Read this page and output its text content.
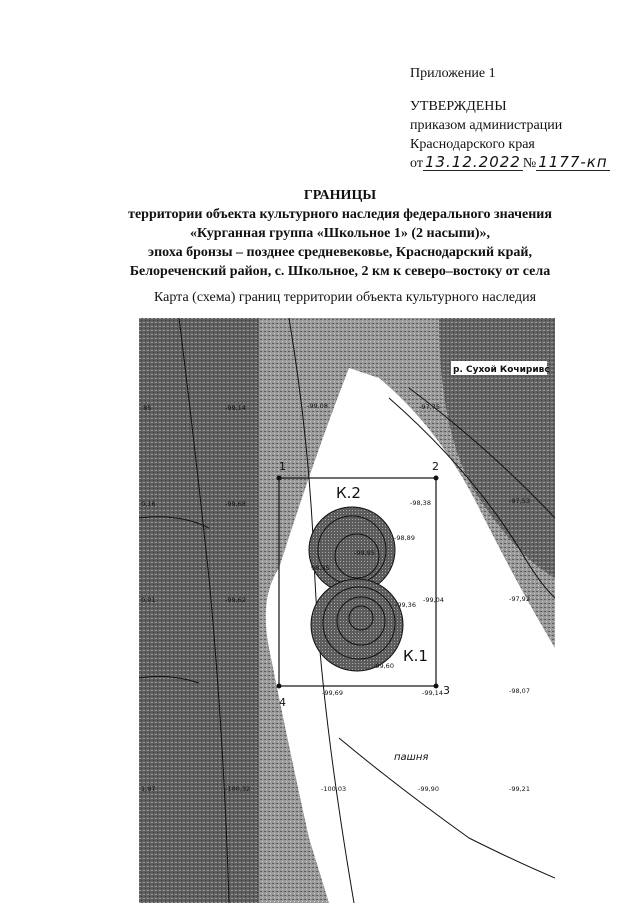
Приложение 1
УТВЕРЖДЕНЫ
приказом администрации
Краснодарского края
от 13.12.2022 № 1177-кп
ГРАНИЦЫ
территории объекта культурного наследия федерального значения
«Курганная группа «Школьное 1» (2 насыпи)»,
эпоха бронзы – позднее средневековье, Краснодарский край,
Белореченский район, с. Школьное, 2 км к северо–востоку от села
Карта (схема) границ территории объекта культурного наследия
1	2
3
4
К.2
К.1
р. Сухой Кочиривс
пашня
.85	-99,14	-99,08	-97,75
0,16	-99,68	-98,38	-97,53
-98,89
-99,95
98,35
0,01	-99,62
-99,36
-99,04	-97,92
-99,60
-99,69	-99,14	-98,07
1,97	-100,32	-100,03	-99,90	-99,21
